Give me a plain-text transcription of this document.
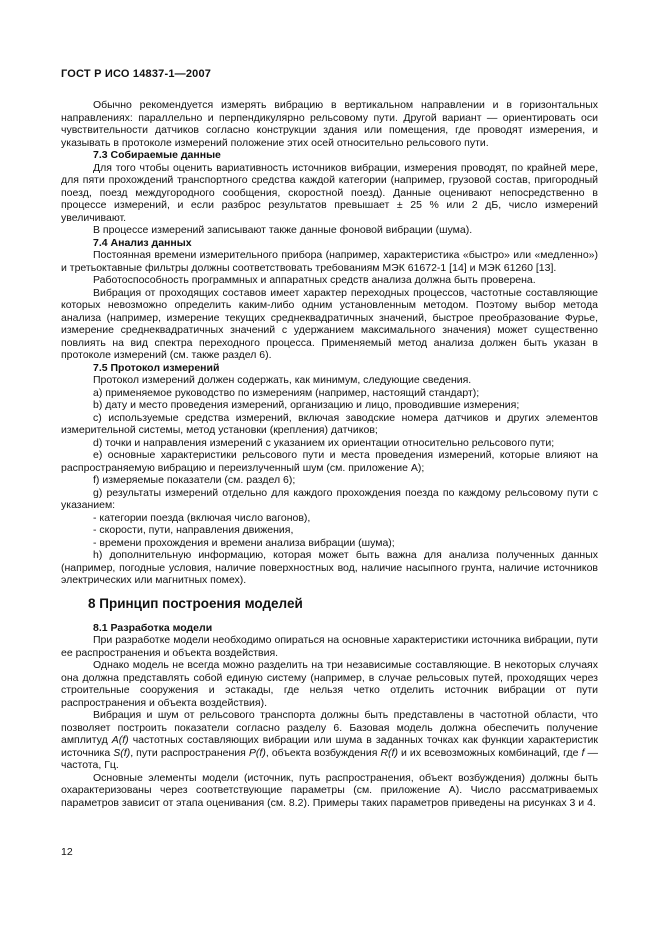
ГОСТ Р ИСО 14837-1—2007

Обычно рекомендуется измерять вибрацию в вертикальном направлении и в горизонтальных направлениях: параллельно и перпендикулярно рельсовому пути. Другой вариант — ориентировать оси чувствительности датчиков согласно конструкции здания или помещения, где проводят измерения, и указывать в протоколе измерений положение этих осей относительно рельсового пути.

7.3 Собираемые данные

Для того чтобы оценить вариативность источников вибрации, измерения проводят, по крайней мере, для пяти прохождений транспортного средства каждой категории (например, грузовой состав, пригородный поезд, поезд междугородного сообщения, скоростной поезд). Данные оценивают непосредственно в процессе измерений, и если разброс результатов превышает ± 25 % или 2 дБ, число измерений увеличивают.

В процессе измерений записывают также данные фоновой вибрации (шума).

7.4 Анализ данных

Постоянная времени измерительного прибора (например, характеристика «быстро» или «медленно») и третьоктавные фильтры должны соответствовать требованиям МЭК 61672-1 [14] и МЭК 61260 [13].

Работоспособность программных и аппаратных средств анализа должна быть проверена.

Вибрация от проходящих составов имеет характер переходных процессов, частотные составляющие которых невозможно определить каким-либо одним установленным методом. Поэтому выбор метода анализа (например, измерение текущих среднеквадратичных значений, быстрое преобразование Фурье, измерение среднеквадратичных значений с удержанием максимального значения) может существенно повлиять на вид спектра переходного процесса. Применяемый метод анализа должен быть указан в протоколе измерений (см. также раздел 6).

7.5 Протокол измерений

Протокол измерений должен содержать, как минимум, следующие сведения.

a) применяемое руководство по измерениям (например, настоящий стандарт);

b) дату и место проведения измерений, организацию и лицо, проводившие измерения;

c) используемые средства измерений, включая заводские номера датчиков и других элементов измерительной системы, метод установки (крепления) датчиков;

d) точки и направления измерений с указанием их ориентации относительно рельсового пути;

e) основные характеристики рельсового пути и места проведения измерений, которые влияют на распространяемую вибрацию и переизлученный шум (см. приложение А);

f) измеряемые показатели (см. раздел 6);

g) результаты измерений отдельно для каждого прохождения поезда по каждому рельсовому пути с указанием:

- категории поезда (включая число вагонов),

- скорости, пути, направления движения,

- времени прохождения и времени анализа вибрации (шума);

h) дополнительную информацию, которая может быть важна для анализа полученных данных (например, погодные условия, наличие поверхностных вод, наличие насыпного грунта, наличие источников электрических или магнитных помех).

8 Принцип построения моделей

8.1 Разработка модели

При разработке модели необходимо опираться на основные характеристики источника вибрации, пути ее распространения и объекта воздействия.

Однако модель не всегда можно разделить на три независимые составляющие. В некоторых случаях она должна представлять собой единую систему (например, в случае рельсовых путей, проходящих через строительные сооружения и эстакады, где нельзя четко отделить источник вибрации от пути распространения и объекта воздействия).

Вибрация и шум от рельсового транспорта должны быть представлены в частотной области, что позволяет построить показатели согласно разделу 6. Базовая модель должна обеспечить получение амплитуд A(f) частотных составляющих вибрации или шума в заданных точках как функции характеристик источника S(f), пути распространения P(f), объекта возбуждения R(f) и их всевозможных комбинаций, где f — частота, Гц.

Основные элементы модели (источник, путь распространения, объект возбуждения) должны быть охарактеризованы через соответствующие параметры (см. приложение А). Число рассматриваемых параметров зависит от этапа оценивания (см. 8.2). Примеры таких параметров приведены на рисунках 3 и 4.

12
